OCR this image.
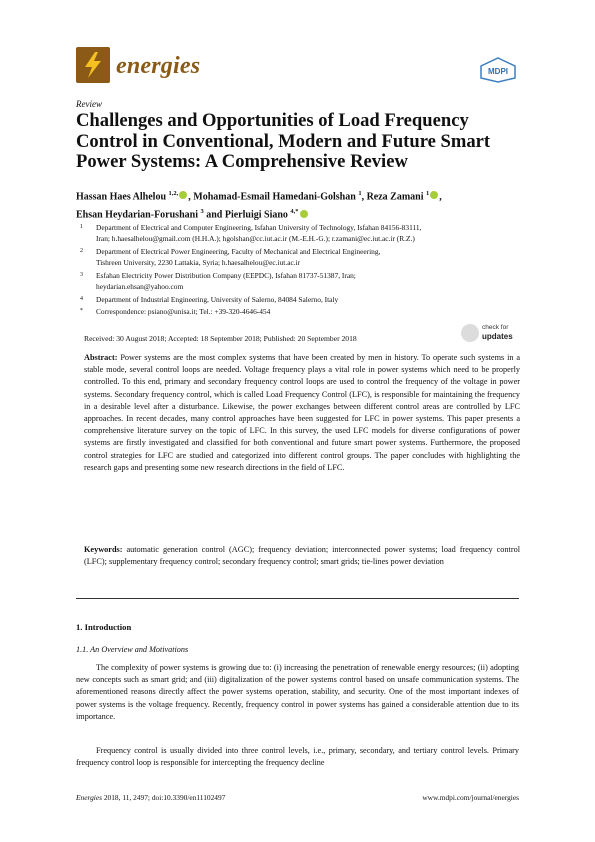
energies	MDPI
Review
Challenges and Opportunities of Load Frequency Control in Conventional, Modern and Future Smart Power Systems: A Comprehensive Review
Hassan Haes Alhelou $^{1,2,}$ , Mohamad-Esmail Hamedani-Golshan $^1$, Reza Zamani $^1$ ,
Ehsan Heydarian-Forushani $^3$ and Pierluigi Siano $^{4,*}$
1	Department of Electrical and Computer Engineering, Isfahan University of Technology, Isfahan 84156-83111,
Iran; h.haesalhelou@gmail.com (H.H.A.); hgolshan@cc.iut.ac.ir (M.-E.H.-G.); r.zamani@ec.iut.ac.ir (R.Z.)
2	Department of Electrical Power Engineering, Faculty of Mechanical and Electrical Engineering,
Tishreen University, 2230 Lattakia, Syria; h.haesalhelou@ec.iut.ac.ir
3	Esfahan Electricity Power Distribution Company (EEPDC), Isfahan 81737-51387, Iran;
heydarian.ehsan@yahoo.com
4	Department of Industrial Engineering, University of Salerno, 84084 Salerno, Italy
*	Correspondence: psiano@unisa.it; Tel.: +39-320-4646-454
Received: 30 August 2018; Accepted: 18 September 2018; Published: 20 September 2018
check for
updates
Abstract: Power systems are the most complex systems that have been created by men in history. To operate such systems in a stable mode, several control loops are needed. Voltage frequency plays a vital role in power systems which need to be properly controlled. To this end, primary and secondary frequency control loops are used to control the frequency of the voltage in power systems. Secondary frequency control, which is called Load Frequency Control (LFC), is responsible for maintaining the frequency in a desirable level after a disturbance. Likewise, the power exchanges between different control areas are controlled by LFC approaches. In recent decades, many control approaches have been suggested for LFC in power systems. This paper presents a comprehensive literature survey on the topic of LFC. In this survey, the used LFC models for diverse configurations of power systems are firstly investigated and classified for both conventional and future smart power systems. Furthermore, the proposed control strategies for LFC are studied and categorized into different control groups. The paper concludes with highlighting the research gaps and presenting some new research directions in the field of LFC.
Keywords: automatic generation control (AGC); frequency deviation; interconnected power systems; load frequency control (LFC); supplementary frequency control; secondary frequency control; smart grids; tie-lines power deviation
1. Introduction
1.1. An Overview and Motivations
The complexity of power systems is growing due to: (i) increasing the penetration of renewable energy resources; (ii) adopting new concepts such as smart grid; and (iii) digitalization of the power systems control based on unsafe communication systems. The aforementioned reasons directly affect the power systems operation, stability, and security. One of the most important indexes of power systems is the voltage frequency. Recently, frequency control in power systems has gained a considerable attention due to its importance.
Frequency control is usually divided into three control levels, i.e., primary, secondary, and tertiary control levels. Primary frequency control loop is responsible for intercepting the frequency decline
Energies 2018, 11, 2497; doi:10.3390/en11102497	www.mdpi.com/journal/energies
